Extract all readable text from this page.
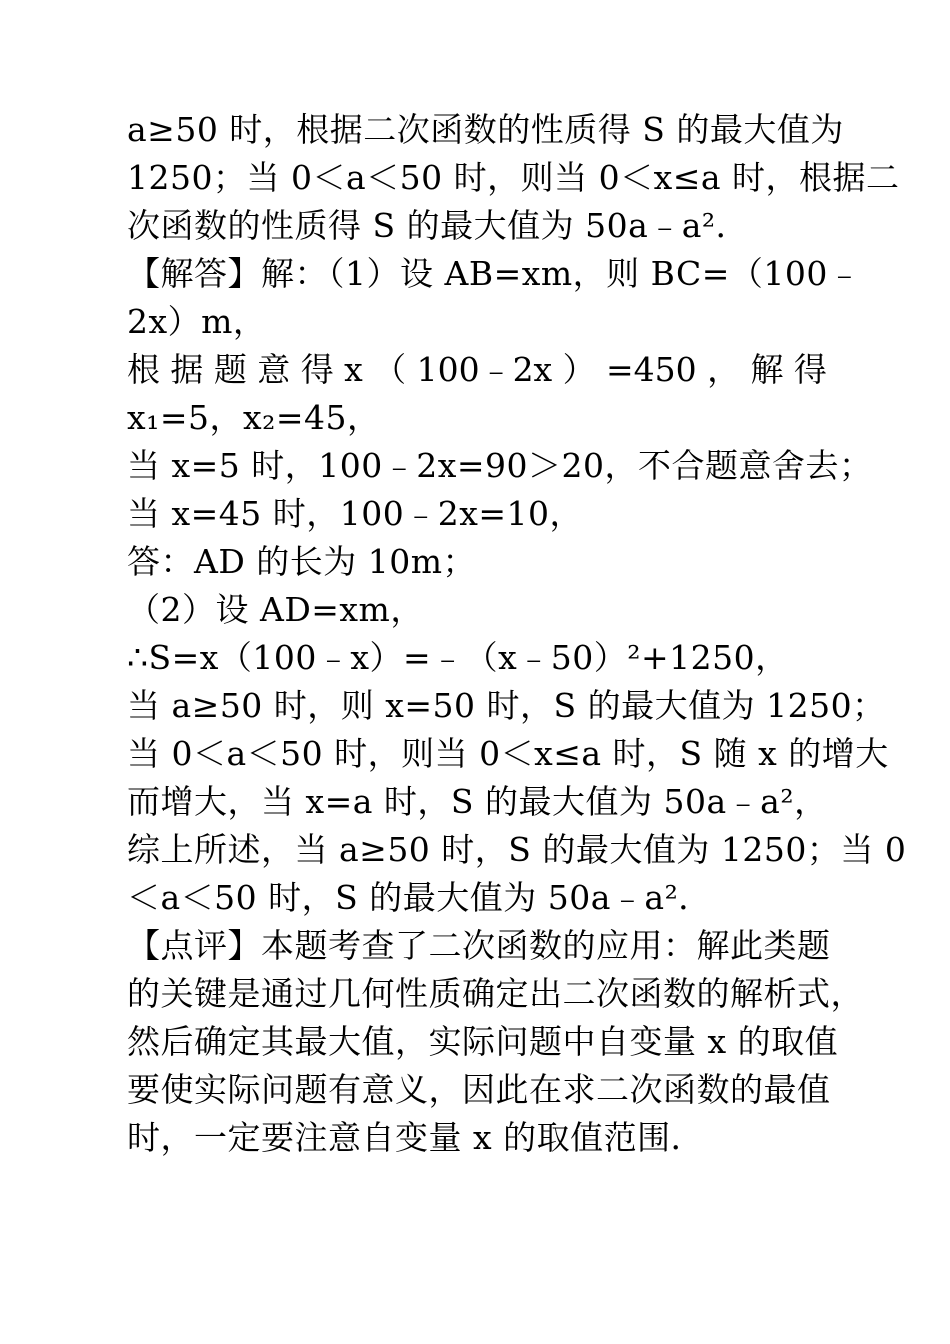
a≥50 时，根据二次函数的性质得 S 的最大值为
1250；当 0＜a＜50 时，则当 0＜x≤a 时，根据二
次函数的性质得 S 的最大值为 50a﹣a²．
【解答】解：（1）设 AB=xm，则 BC=（100﹣
2x）m，
根 据 题 意 得 x （ 100﹣2x ） =450 ， 解 得
x₁=5，x₂=45，
当 x=5 时，100﹣2x=90＞20，不合题意舍去；
当 x=45 时，100﹣2x=10，
答：AD 的长为 10m；
（2）设 AD=xm，
∴S=x（100﹣x）=﹣（x﹣50）²+1250，
当 a≥50 时，则 x=50 时，S 的最大值为 1250；
当 0＜a＜50 时，则当 0＜x≤a 时，S 随 x 的增大
而增大，当 x=a 时，S 的最大值为 50a﹣a²，
综上所述，当 a≥50 时，S 的最大值为 1250；当 0
＜a＜50 时，S 的最大值为 50a﹣a²．
【点评】本题考查了二次函数的应用：解此类题
的关键是通过几何性质确定出二次函数的解析式，
然后确定其最大值，实际问题中自变量 x 的取值
要使实际问题有意义，因此在求二次函数的最值
时，一定要注意自变量 x 的取值范围．
